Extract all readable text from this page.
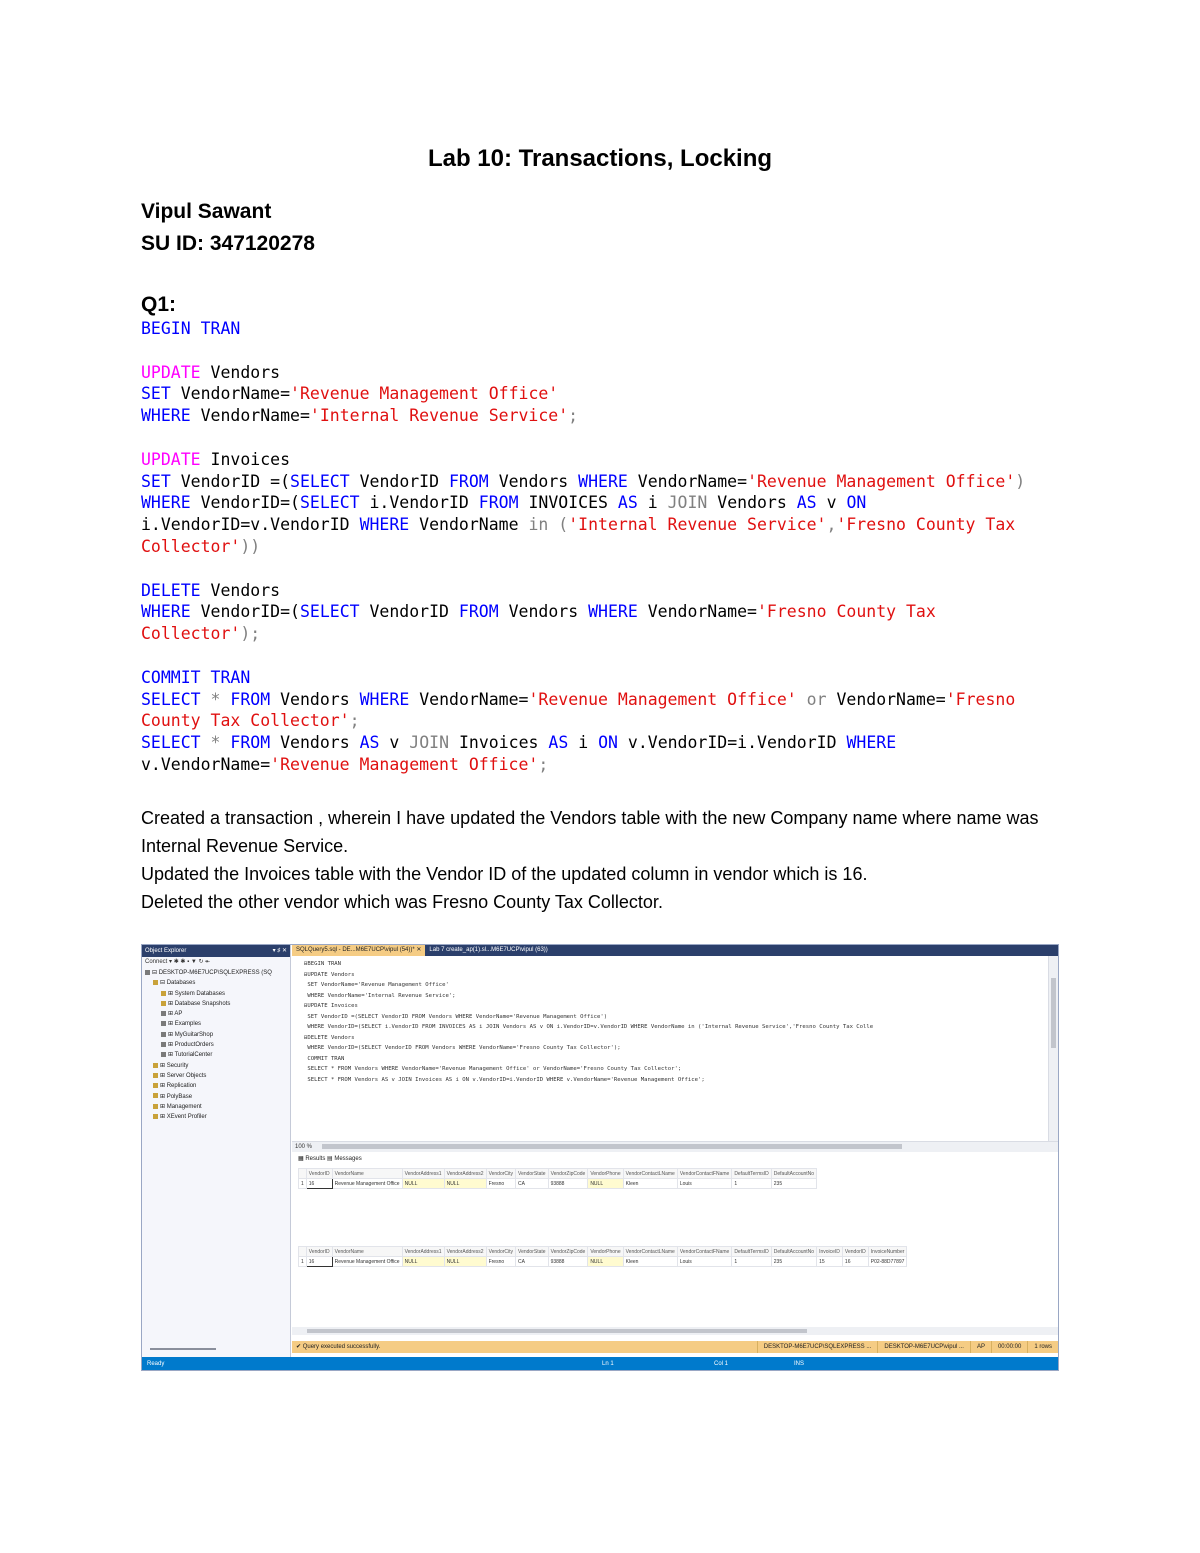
Lab 10: Transactions, Locking
Vipul Sawant
SU ID: 347120278
Q1:
BEGIN TRAN

UPDATE Vendors
SET VendorName='Revenue Management Office'
WHERE VendorName='Internal Revenue Service';

UPDATE Invoices
SET VendorID =(SELECT VendorID FROM Vendors WHERE VendorName='Revenue Management Office')
WHERE VendorID=(SELECT i.VendorID FROM INVOICES AS i JOIN Vendors AS v ON
i.VendorID=v.VendorID WHERE VendorName in ('Internal Revenue Service','Fresno County Tax
Collector'))

DELETE Vendors
WHERE VendorID=(SELECT VendorID FROM Vendors WHERE VendorName='Fresno County Tax
Collector');

COMMIT TRAN
SELECT * FROM Vendors WHERE VendorName='Revenue Management Office' or VendorName='Fresno
County Tax Collector';
SELECT * FROM Vendors AS v JOIN Invoices AS i ON v.VendorID=i.VendorID WHERE
v.VendorName='Revenue Management Office';
Created a transaction , wherein I have updated the Vendors table with the new Company name where name was Internal Revenue Service.
Updated the Invoices table with the Vendor ID of the updated column in vendor which is 16.
Deleted the other vendor which was Fresno County Tax Collector.
Object Explorer	▾ ♯ ✕
Connect ▾ ✱ ✱ ▪ ▼ ↻ ↞
⊟ DESKTOP-M6E7UCP\SQLEXPRESS (SQ
⊟ Databases
⊞ System Databases
⊞ Database Snapshots
⊞ AP
⊞ Examples
⊞ MyGuitarShop
⊞ ProductOrders
⊞ TutorialCenter
⊞ Security
⊞ Server Objects
⊞ Replication
⊞ PolyBase
⊞ Management
⊞ XEvent Profiler
SQLQuery5.sql - DE...M6E7UCP\vipul (54))* ✕	Lab 7 create_ap(1).sl...M6E7UCP\vipul (63))
⊟BEGIN TRAN
⊟UPDATE Vendors
SET VendorName='Revenue Management Office'
WHERE VendorName='Internal Revenue Service';
⊟UPDATE Invoices
SET VendorID =(SELECT VendorID FROM Vendors WHERE VendorName='Revenue Management Office')
WHERE VendorID=(SELECT i.VendorID FROM INVOICES AS i JOIN Vendors AS v ON i.VendorID=v.VendorID WHERE VendorName in ('Internal Revenue Service','Fresno County Tax Colle
⊟DELETE Vendors
WHERE VendorID=(SELECT VendorID FROM Vendors WHERE VendorName='Fresno County Tax Collector');
COMMIT TRAN
SELECT * FROM Vendors WHERE VendorName='Revenue Management Office' or VendorName='Fresno County Tax Collector';
SELECT * FROM Vendors AS v JOIN Invoices AS i ON v.VendorID=i.VendorID WHERE v.VendorName='Revenue Management Office';
100 %
▦ Results ▤ Messages
	VendorID	VendorName	VendorAddress1	VendorAddress2	VendorCity	VendorState	VendorZipCode	VendorPhone	VendorContactLName	VendorContactFName	DefaultTermsID	DefaultAccountNo
1	16	Revenue Management Office	NULL	NULL	Fresno	CA	93888	NULL	Kleen	Louis	1	235
	VendorID	VendorName	VendorAddress1	VendorAddress2	VendorCity	VendorState	VendorZipCode	VendorPhone	VendorContactLName	VendorContactFName	DefaultTermsID	DefaultAccountNo	InvoiceID	VendorID	InvoiceNumber
1	16	Revenue Management Office	NULL	NULL	Fresno	CA	93888	NULL	Kleen	Louis	1	235	15	16	P02-88D77897
✔ Query executed successfully.	DESKTOP-M6E7UCP\SQLEXPRESS ...	DESKTOP-M6E7UCP\vipul ...	AP	00:00:00	1 rows
Ready	Ln 1	Col 1	INS
